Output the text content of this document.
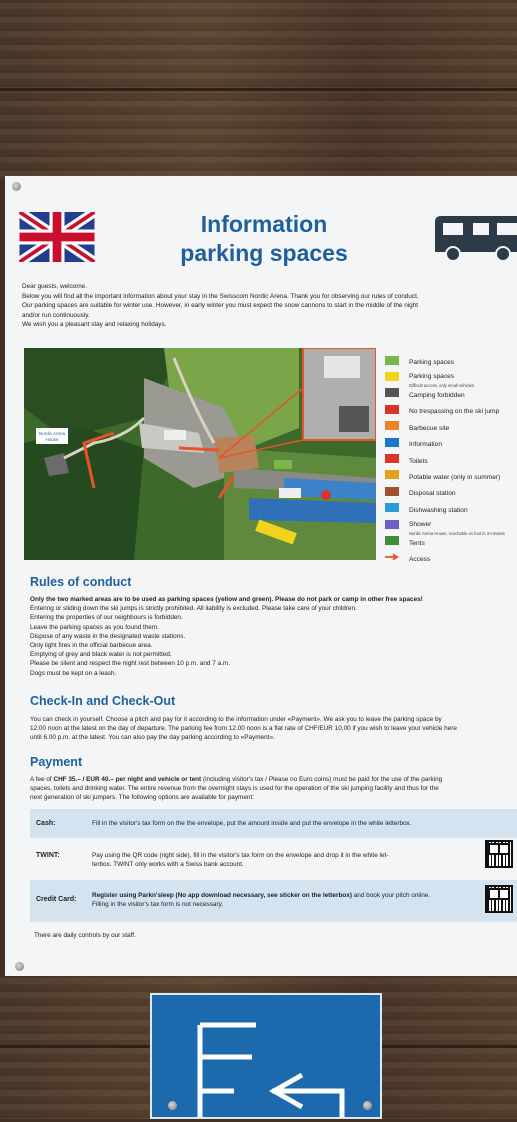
Information
parking spaces
Dear guests, welcome.
Below you will find all the important information about your stay in the Swisscom Nordic Arena. Thank you for observing our rules of conduct.
Our parking spaces are suitable for winter use. However, in early winter you must expect the snow cannons to start in the middle of the night
and/or run continuously.
We wish you a pleasant stay and relaxing holidays.
Nordic Arena
House
Parking spaces
Parking spaces
Difficult access, only small vehicles
Camping forbidden
No trespassing on the ski jump
Barbecue site
Information
Toilets
Potable water (only in summer)
Disposal station
Dishwashing station
Shower
Nordic Arena House, reachable on foot in 3 minutes
Tents
Access
Rules of conduct
Only the two marked areas are to be used as parking spaces (yellow and green). Please do not park or camp in other free spaces!
Entering or sliding down the ski jumps is strictly prohibited. All liability is excluded. Please take care of your children.
Entering the properties of our neighbours is forbidden.
Leave the parking spaces as you found them.
Dispose of any waste in the designated waste stations.
Only light fires in the official barbecue area.
Emptying of grey and black water is not permitted.
Please be silent and respect the night rest between 10 p.m. and 7 a.m.
Dogs must be kept on a leash.
Check-In and Check-Out
You can check in yourself. Choose a pitch and pay for it according to the information under «Payment». We ask you to leave the parking space by
12.00 noon at the latest on the day of departure. The parking fee from 12.00 noon is a flat rate of CHF/EUR 10.00 if you wish to leave your vehicle here
until 6.00 p.m. at the latest. You can also pay the day parking according to «Payment».
Payment
A fee of CHF 35.– / EUR 40.– per night and vehicle or tent (including visitor's tax / Please no Euro coins) must be paid for the use of the parking
spaces, toilets and drinking water. The entire revenue from the overnight stays is used for the operation of the ski jumping facility and thus for the
next generation of ski jumpers. The following options are available for payment:
Cash:	Fill in the visitor's tax form on the the envelope, put the amount inside and put the envelope in the white letterbox.
TWINT:	Pay using the QR code (right side), fill in the visitor's tax form on the envelope and drop it in the white let-
terbox. TWINT only works with a Swiss bank account.
Credit Card:
Register using Parkn'sleep (No app download necessary, see sticker on the letterbox) and book your pitch online.
Filling in the visitor's tax form is not necessary.
There are daily controls by our staff.
